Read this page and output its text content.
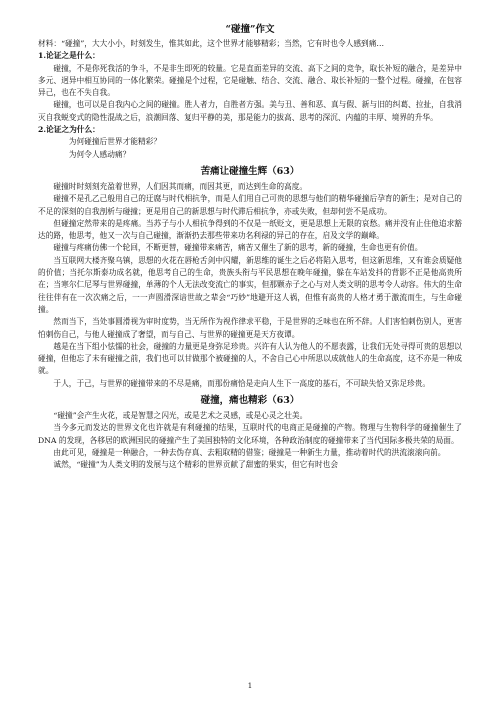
“碰撞”作文

材料：“碰撞”，大大小小，时刻发生，惟其如此，这个世界才能够精彩；当然，它有时也令人感到痛…

1.论证之是什么：

碰撞，不是你死我活的争斗，不是非生即死的较量。它是直面差异的交流、高下之间的竞争，取长补短的融合，是差异中多元、迥异中相互协同的一体化繁荣。碰撞是个过程，它是碰触、结合、交流、融合、取长补短的一整个过程。碰撞，在包容异己，也在不失自我。

碰撞，也可以是自我内心之间的碰撞。胜人者力，自胜者方强。美与丑、善和恶、真与假、新与旧的纠葛、拉扯，自我消灭自我蜕变式的隐性混战之后，浪潮回落、复归平静的美，那是能力的拔高、思考的深沉、内蕴的丰厚、境界的升华。

2.论证之为什么：

为何碰撞后世界才能精彩？

为何令人感动痛？

苦痛让碰撞生辉（63）

碰撞时时刻刻充盈着世界，人们因其而痛，而因其更，而达到生命的高度。

碰撞不是孔乙己般用自己的迂腐与时代相抗争，而是人们用自己可贵的思想与他们的精华碰撞后孕育的新生；是对自己的不足的深刻的自我剖析与碰撞；更是用自己的新思想与时代滞后相抗争，亦或失败，但却何尝不是成功。

但碰撞定然带来的是疼痛。当苏子与小人相抗争得到的不仅是一纸贬文，更是思想上无限的哀愁。痛并没有止住他追求豁达的路，他思考，他又一次与自己碰撞，渐渐扔去那些带来功名利禄的异己的存在，启及文学的巅峰。

碰撞与疼痛仿佛一个轮回，不断更替，碰撞带来痛苦，痛苦又催生了新的思考，新的碰撞，生命也更有价值。

当互联网大楼齐聚乌镇，思想的火花在唇枪舌剑中闪耀，新思维的诞生之后必将陷入思考，但这新思维，又有谁会质疑他的价值；当托尔斯泰功成名就，他思考自己的生命，贵族头衔与平民思想在晚年碰撞，躲在车站发抖的背影不正是他高贵所在；当寒尔仁尼琴与世界碰撞，单薄的个人无法改变流亡的事实，但那颗赤子之心与对人类文明的思考令人动容。伟大的生命往往伴有在一次次痛之后，一一声圆滑深谙世故之辈会“巧妙”地避开这人祸，但惟有高贵的人格才勇于激流而生，与生命碰撞。

然而当下，当处事圆滑视为审时度势，当无所作为视作律求平稳，于是世界的乏味也在所不辞。人们害怕刺伤别人，更害怕刺伤自己，与他人碰撞成了奢望，而与自己、与世界的碰撞更是天方夜谭。

越是在当下组小怯懦的社会，碰撞的力量更是身弥足珍贵。兴许有人认为他人的不愿表露，让我们无处寻得可贵的思想以碰撞，但他忘了未有碰撞之前，我们也可以甘做那个被碰撞的人，不舍自己心中所思以成就他人的生命高度，这不亦是一种成就。

于人，于己，与世界的碰撞带来的不尽是痛，而那份痛恰是走向人生下一高度的基石，不可缺失恰又弥足珍贵。

碰撞，痛也精彩（63）

“碰撞”会产生火花，或是智慧之闪光，或是艺术之灵感，或是心灵之壮美。

当今多元而发达的世界文化也许就是有利碰撞的结果，互联时代的电商正是碰撞的产物。物理与生物科学的碰撞催生了 DNA 的发现，各移居的欧洲国民的碰撞产生了美国独特的文化环境，各种政治制度的碰撞带来了当代国际多极共荣的局面。

由此可见，碰撞是一种融合，一种去伪存真、去粗取精的借鉴；碰撞是一种新生力量，推动着时代的洪流滚滚向前。

诚然，“碰撞”为人类文明的发展与这个精彩的世界贡献了甜蜜的果实，但它有时也会

1
